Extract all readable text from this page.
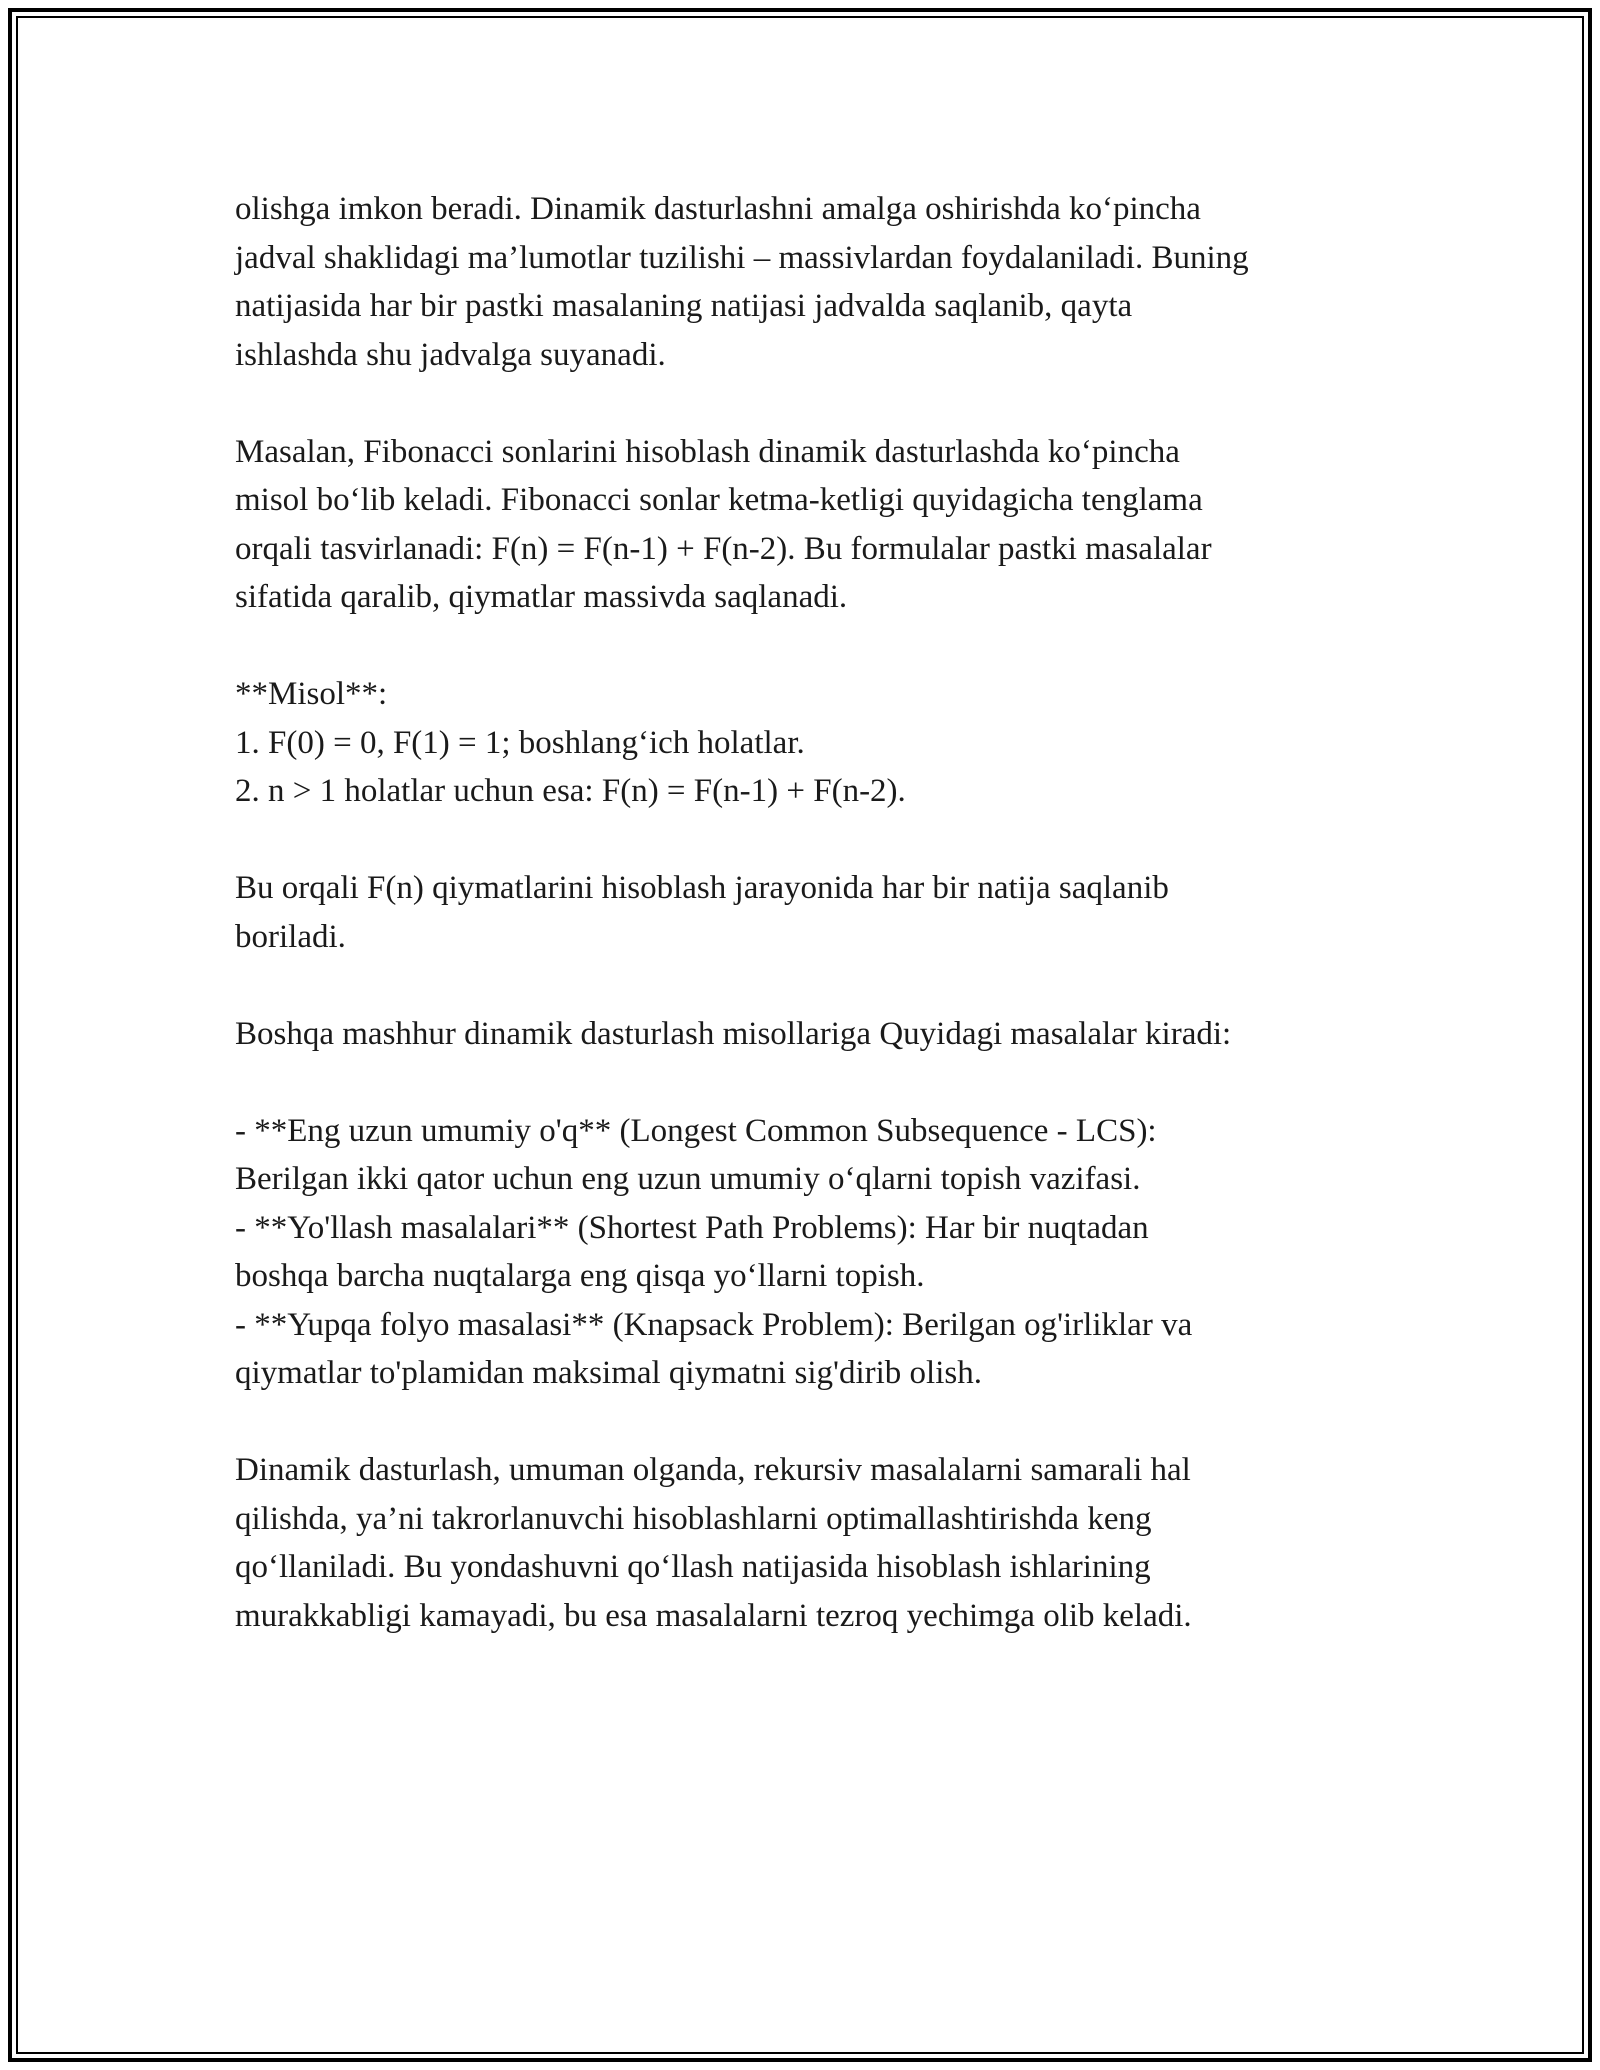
olishga imkon beradi. Dinamik dasturlashni amalga oshirishda ko‘pincha

jadval shaklidagi ma’lumotlar tuzilishi – massivlardan foydalaniladi. Buning

natijasida har bir pastki masalaning natijasi jadvalda saqlanib, qayta

ishlashda shu jadvalga suyanadi.

Masalan, Fibonacci sonlarini hisoblash dinamik dasturlashda ko‘pincha

misol bo‘lib keladi. Fibonacci sonlar ketma-ketligi quyidagicha tenglama

orqali tasvirlanadi: F(n) = F(n-1) + F(n-2). Bu formulalar pastki masalalar

sifatida qaralib, qiymatlar massivda saqlanadi.

**Misol**:

1. F(0) = 0, F(1) = 1; boshlang‘ich holatlar.

2. n > 1 holatlar uchun esa: F(n) = F(n-1) + F(n-2).

Bu orqali F(n) qiymatlarini hisoblash jarayonida har bir natija saqlanib

boriladi.

Boshqa mashhur dinamik dasturlash misollariga Quyidagi masalalar kiradi:

- **Eng uzun umumiy o'q** (Longest Common Subsequence - LCS):

Berilgan ikki qator uchun eng uzun umumiy o‘qlarni topish vazifasi.

- **Yo'llash masalalari** (Shortest Path Problems): Har bir nuqtadan

boshqa barcha nuqtalarga eng qisqa yo‘llarni topish.

- **Yupqa folyo masalasi** (Knapsack Problem): Berilgan og'irliklar va

qiymatlar to'plamidan maksimal qiymatni sig'dirib olish.

Dinamik dasturlash, umuman olganda, rekursiv masalalarni samarali hal

qilishda, ya’ni takrorlanuvchi hisoblashlarni optimallashtirishda keng

qo‘llaniladi. Bu yondashuvni qo‘llash natijasida hisoblash ishlarining

murakkabligi kamayadi, bu esa masalalarni tezroq yechimga olib keladi.
